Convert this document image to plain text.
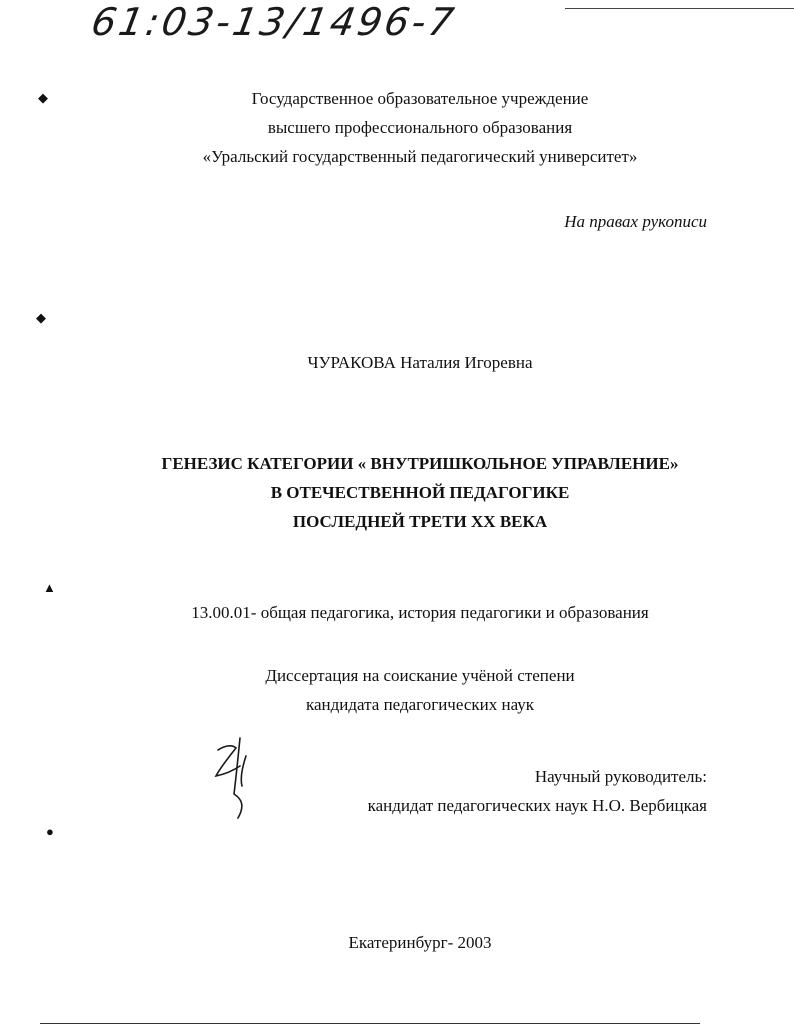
61:03-13/1496-7
◆
◆
▲
●
Государственное образовательное учреждение
высшего профессионального образования
«Уральский государственный педагогический университет»
На правах рукописи
ЧУРАКОВА Наталия Игоревна
ГЕНЕЗИС КАТЕГОРИИ « ВНУТРИШКОЛЬНОЕ УПРАВЛЕНИЕ»
В ОТЕЧЕСТВЕННОЙ ПЕДАГОГИКЕ
ПОСЛЕДНЕЙ ТРЕТИ XX ВЕКА
13.00.01- общая педагогика, история педагогики и образования
Диссертация на соискание учёной степени
кандидата педагогических наук
Научный руководитель:
кандидат педагогических наук Н.О. Вербицкая
Екатеринбург- 2003
